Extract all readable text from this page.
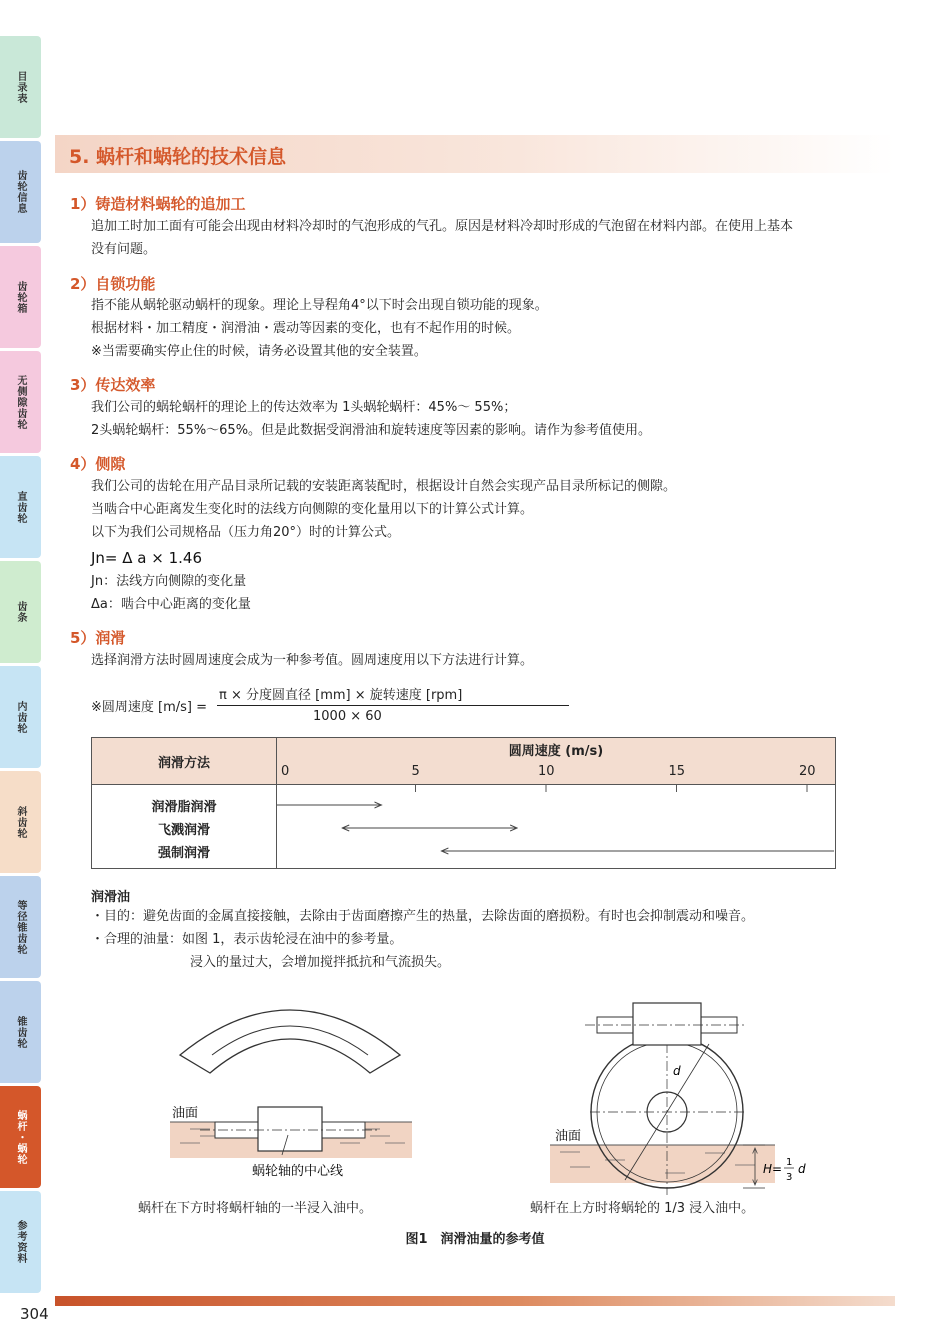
目录表
齿轮信息
齿轮箱
无侧隙齿轮
直齿轮
齿条
内齿轮
斜齿轮
等径锥齿轮
锥齿轮
蜗杆・蜗轮
参考资料
304
5. 蜗杆和蜗轮的技术信息
1）铸造材料蜗轮的追加工
追加工时加工面有可能会出现由材料冷却时的气泡形成的气孔。原因是材料冷却时形成的气泡留在材料内部。在使用上基本
没有问题。
2）自锁功能
指不能从蜗轮驱动蜗杆的现象。理论上导程角4°以下时会出现自锁功能的现象。
根据材料・加工精度・润滑油・震动等因素的变化，也有不起作用的时候。
※当需要确实停止住的时候，请务必设置其他的安全装置。
3）传达效率
我们公司的蜗轮蜗杆的理论上的传达效率为 1头蜗轮蜗杆：45%～ 55%；
2头蜗轮蜗杆：55%～65%。但是此数据受润滑油和旋转速度等因素的影响。请作为参考值使用。
4）侧隙
我们公司的齿轮在用产品目录所记载的安装距离装配时，根据设计自然会实现产品目录所标记的侧隙。
当啮合中心距离发生变化时的法线方向侧隙的变化量用以下的计算公式计算。
以下为我们公司规格品（压力角20°）时的计算公式。
Jn= Δ a × 1.46
Jn：法线方向侧隙的变化量
Δa：啮合中心距离的变化量
5）润滑
选择润滑方法时圆周速度会成为一种参考值。圆周速度用以下方法进行计算。
※圆周速度 [m/s] =
π × 分度圆直径 [mm] × 旋转速度 [rpm]
1000 × 60
润滑方法
圆周速度 (m/s)
0	5	10	15	20
润滑脂润滑
飞溅润滑
强制润滑
润滑油
・目的：避免齿面的金属直接接触，去除由于齿面磨擦产生的热量，去除齿面的磨损粉。有时也会抑制震动和噪音。
・合理的油量：如图 1，表示齿轮浸在油中的参考量。
浸入的量过大，会增加搅拌抵抗和气流损失。
油面
蜗轮轴的中心线
蜗杆在下方时将蜗杆轴的一半浸入油中。
油面
d
H= 1
3
d
蜗杆在上方时将蜗轮的 1/3 浸入油中。
图1　润滑油量的参考值
